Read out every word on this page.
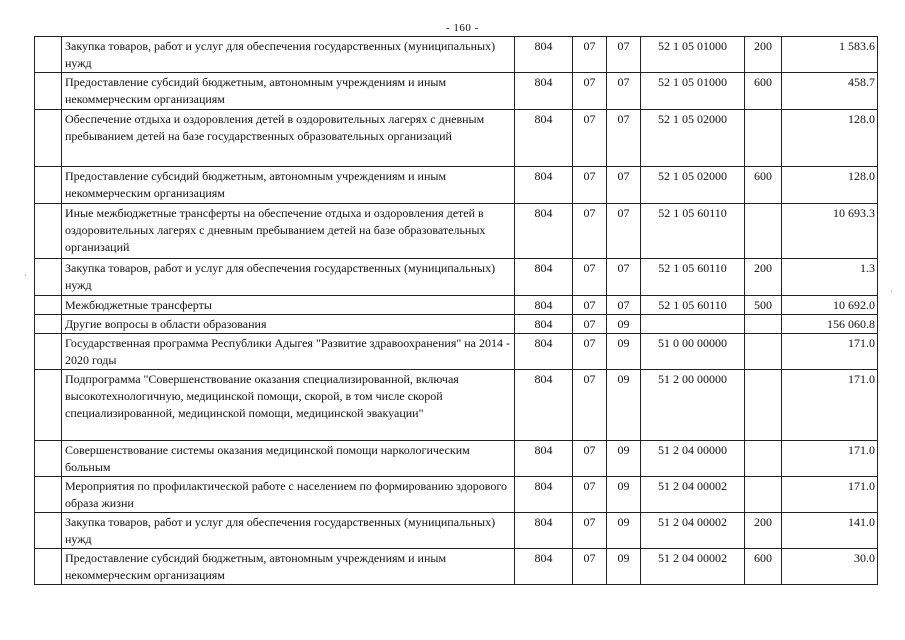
- 160 -
	Закупка товаров, работ и услуг для обеспечения государственных (муниципальных) нужд	804	07	07	52 1 05 01000	200	1 583.6
	Предоставление субсидий бюджетным, автономным учреждениям и иным некоммерческим организациям	804	07	07	52 1 05 01000	600	458.7
	Обеспечение отдыха и оздоровления детей в оздоровительных лагерях с дневным пребыванием детей на базе государственных образовательных организаций	804	07	07	52 1 05 02000		128.0
	Предоставление субсидий бюджетным, автономным учреждениям и иным некоммерческим организациям	804	07	07	52 1 05 02000	600	128.0
	Иные межбюджетные трансферты на обеспечение отдыха и оздоровления детей в оздоровительных лагерях с дневным пребыванием детей на базе образовательных организаций	804	07	07	52 1 05 60110		10 693.3
	Закупка товаров, работ и услуг для обеспечения государственных (муниципальных) нужд	804	07	07	52 1 05 60110	200	1.3
	Межбюджетные трансферты	804	07	07	52 1 05 60110	500	10 692.0
	Другие вопросы в области образования	804	07	09			156 060.8
	Государственная программа Республики Адыгея "Развитие здравоохранения" на 2014 - 2020 годы	804	07	09	51 0 00 00000		171.0
	Подпрограмма "Совершенствование оказания специализированной, включая высокотехнологичную, медицинской помощи, скорой, в том числе скорой специализированной, медицинской помощи, медицинской эвакуации"	804	07	09	51 2 00 00000		171.0
	Совершенствование системы оказания медицинской помощи наркологическим больным	804	07	09	51 2 04 00000		171.0
	Мероприятия по профилактической работе с населением по формированию здорового образа жизни	804	07	09	51 2 04 00002		171.0
	Закупка товаров, работ и услуг для обеспечения государственных (муниципальных) нужд	804	07	09	51 2 04 00002	200	141.0
	Предоставление субсидий бюджетным, автономным учреждениям и иным некоммерческим организациям	804	07	09	51 2 04 00002	600	30.0
·
·
